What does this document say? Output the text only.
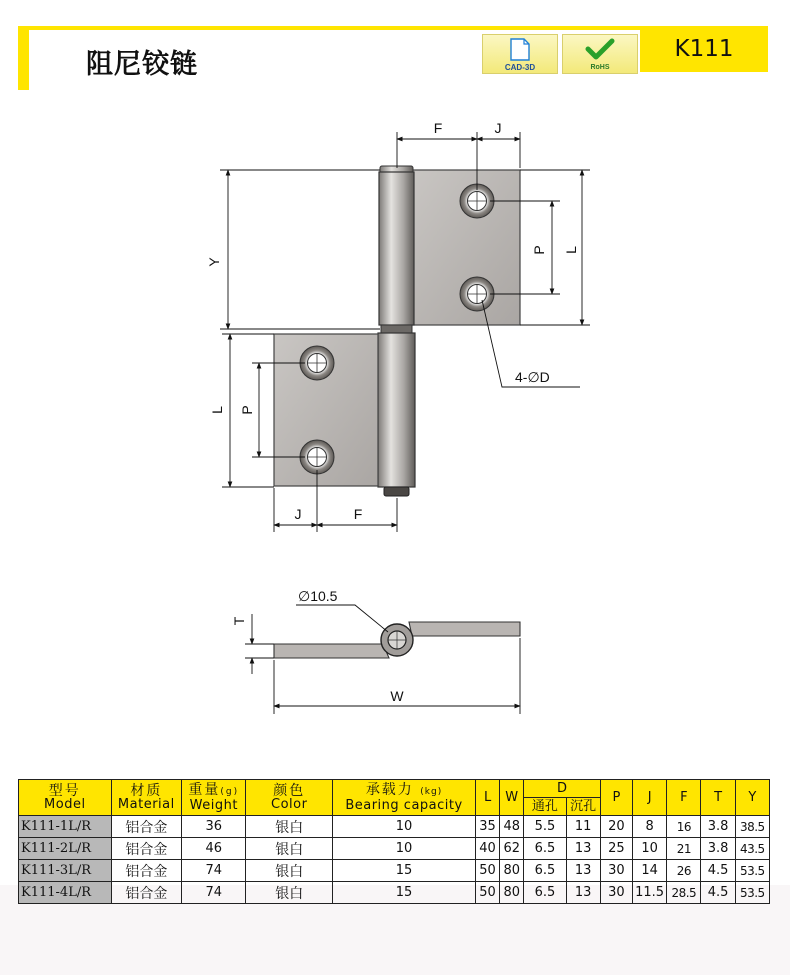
阻尼铰链	CAD-3D	RoHS
K111
F	J
Y
P L
L P
J	F
4-∅D
T
W
∅10.5
型号
Model	材质
Material	重量(g)
Weight	颜色
Color	承载力 (kg)
Bearing capacity	L	W	D		P	J	F	T	Y
							通孔	沉孔					
K111-1L/R	铝合金	36	银白	10	35	48	5.5	11	20	8	16	3.8	38.5
K111-2L/R	铝合金	46	银白	10	40	62	6.5	13	25	10	21	3.8	43.5
K111-3L/R	铝合金	74	银白	15	50	80	6.5	13	30	14	26	4.5	53.5
K111-4L/R	铝合金	74	银白	15	50	80	6.5	13	30	11.5	28.5	4.5	53.5
